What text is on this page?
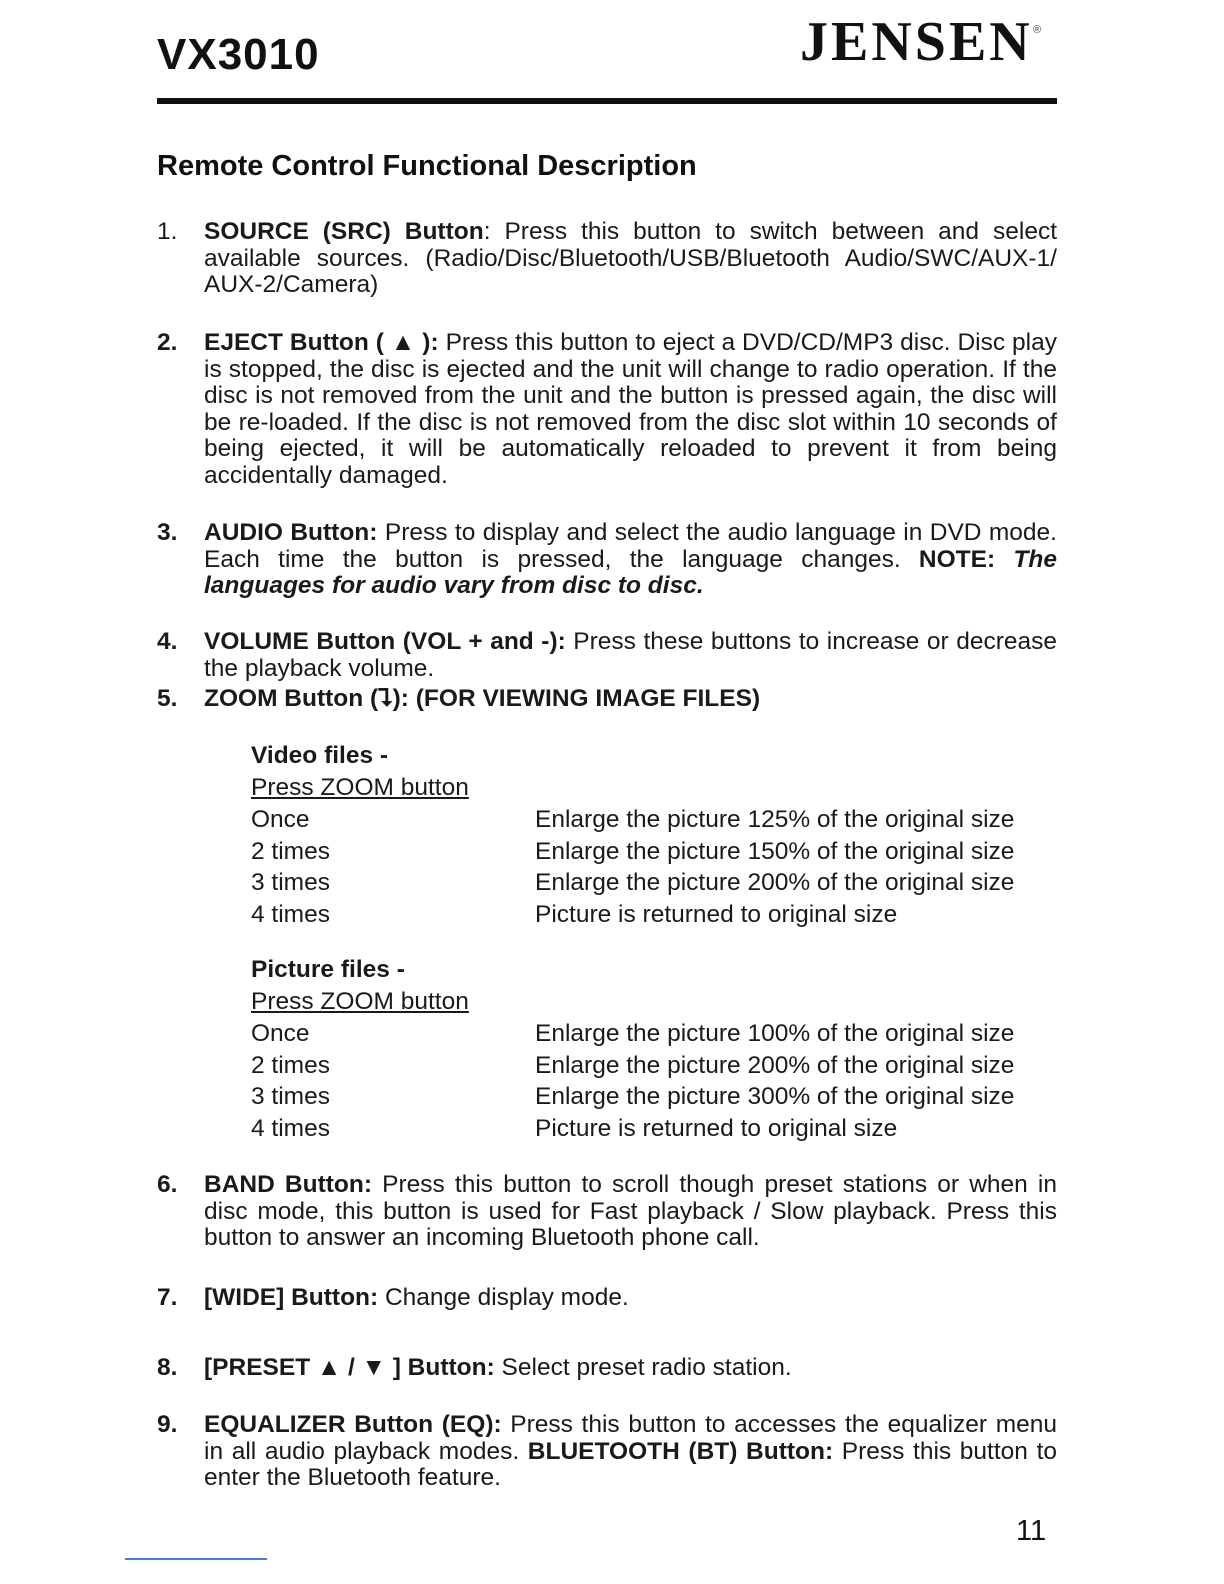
VX3010	JENSEN ®
Remote Control Functional Description
1.	SOURCE (SRC) Button: Press this button to switch between and select available sources. (Radio/Disc/Bluetooth/USB/Bluetooth Audio/SWC/AUX-1/ AUX-2/Camera)
2.	EJECT Button ( ▲ ): Press this button to eject a DVD/CD/MP3 disc. Disc play is stopped, the disc is ejected and the unit will change to radio operation. If the disc is not removed from the unit and the button is pressed again, the disc will be re-loaded. If the disc is not removed from the disc slot within 10 seconds of being ejected, it will be automatically reloaded to prevent it from being accidentally damaged.
3.	AUDIO Button: Press to display and select the audio language in DVD mode. Each time the button is pressed, the language changes. NOTE: The languages for audio vary from disc to disc.
4.	VOLUME Button (VOL + and -): Press these buttons to increase or decrease the playback volume.
5.	ZOOM Button (⮧): (FOR VIEWING IMAGE FILES)
Video files -
Press ZOOM button
Once	Enlarge the picture 125% of the original size
2 times	Enlarge the picture 150% of the original size
3 times	Enlarge the picture 200% of the original size
4 times	Picture is returned to original size
Picture files -
Press ZOOM button
Once	Enlarge the picture 100% of the original size
2 times	Enlarge the picture 200% of the original size
3 times	Enlarge the picture 300% of the original size
4 times	Picture is returned to original size
6.	BAND Button: Press this button to scroll though preset stations or when in disc mode, this button is used for Fast playback / Slow playback. Press this button to answer an incoming Bluetooth phone call.
7.	[WIDE] Button: Change display mode.
8.	[PRESET ▲ / ▼ ] Button: Select preset radio station.
9.	EQUALIZER Button (EQ): Press this button to accesses the equalizer menu in all audio playback modes. BLUETOOTH (BT) Button: Press this button to enter the Bluetooth feature.
11
